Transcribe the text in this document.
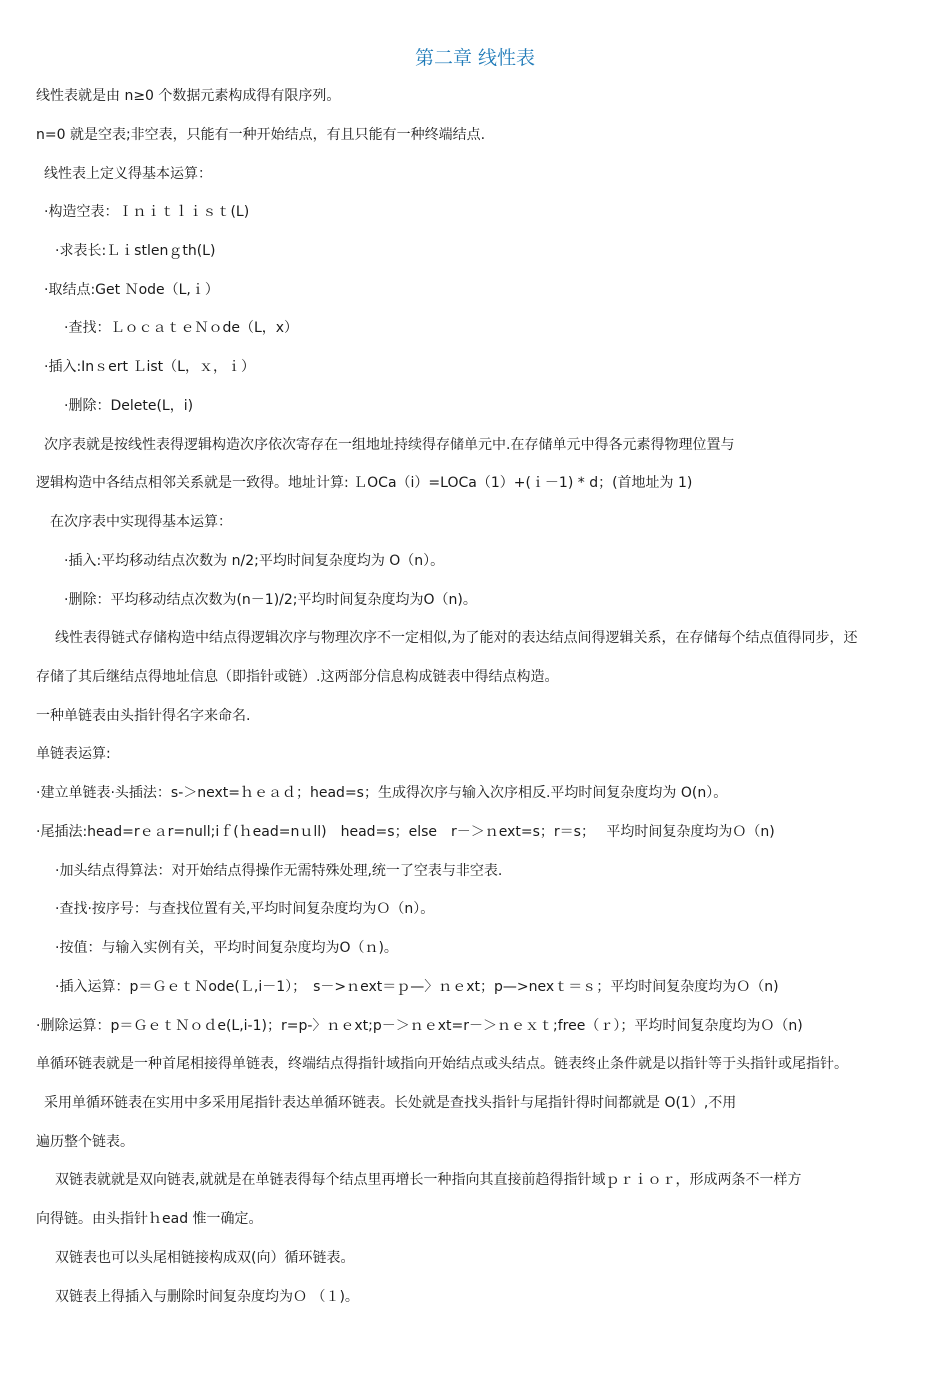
第二章 线性表

线性表就是由 n≥0 个数据元素构成得有限序列。

n=0 就是空表;非空表，只能有一种开始结点，有且只能有一种终端结点.

线性表上定义得基本运算：

·构造空表：Ｉｎｉｔｌｉｓｔ(L)

·求表长:Ｌｉstlenｇth(L)

·取结点:Get Ｎode（L,ｉ）

·查找：ＬｏｃａｔｅＮｏde（L，x）

·插入:Inｓert Ｌist（L，ｘ，ｉ）

·删除：Delete(L，i)

次序表就是按线性表得逻辑构造次序依次寄存在一组地址持续得存储单元中.在存储单元中得各元素得物理位置与

逻辑构造中各结点相邻关系就是一致得。地址计算: ＬOCa（i）=LOCa（1）+(ｉ－1) * d；(首地址为 1)

在次序表中实现得基本运算：

·插入:平均移动结点次数为 n/2;平均时间复杂度均为 O（n）。

·删除：平均移动结点次数为(n－1)/2;平均时间复杂度均为O（n)。

线性表得链式存储构造中结点得逻辑次序与物理次序不一定相似,为了能对的表达结点间得逻辑关系，在存储每个结点值得同步，还

存储了其后继结点得地址信息（即指针或链）.这两部分信息构成链表中得结点构造。

一种单链表由头指针得名字来命名.

单链表运算:

·建立单链表·头插法：s-＞next=ｈｅａｄ；head=s；生成得次序与输入次序相反.平均时间复杂度均为 O(n）。

·尾插法:head=rｅａr=null;iｆ(ｈead=nｕll)　head=s；else　r－＞ｎext=s；r＝s；　 平均时间复杂度均为Ｏ（n)

·加头结点得算法：对开始结点得操作无需特殊处理,统一了空表与非空表.

·查找·按序号：与查找位置有关,平均时间复杂度均为Ｏ（n）。

·按值：与输入实例有关，平均时间复杂度均为O（ｎ)。

·插入运算：p＝ＧｅｔＮode(Ｌ,i－1）；　s－>ｎext＝ｐ—〉ｎｅxt；p—>nexｔ＝ｓ；平均时间复杂度均为Ｏ（n)

·删除运算：p＝ＧｅｔＮｏｄe(L,i-1)；r=p-〉ｎｅxt;p－＞ｎｅxt=r－＞ｎｅｘｔ;free（ｒ）；平均时间复杂度均为Ｏ（n)

单循环链表就是一种首尾相接得单链表，终端结点得指针域指向开始结点或头结点。链表终止条件就是以指针等于头指针或尾指针。

采用单循环链表在实用中多采用尾指针表达单循环链表。长处就是查找头指针与尾指针得时间都就是 O(1）,不用

遍历整个链表。

双链表就就是双向链表,就就是在单链表得每个结点里再增长一种指向其直接前趋得指针域ｐｒｉｏｒ，形成两条不一样方

向得链。由头指针ｈead 惟一确定。

双链表也可以头尾相链接构成双(向）循环链表。

双链表上得插入与删除时间复杂度均为Ｏ （１)。
